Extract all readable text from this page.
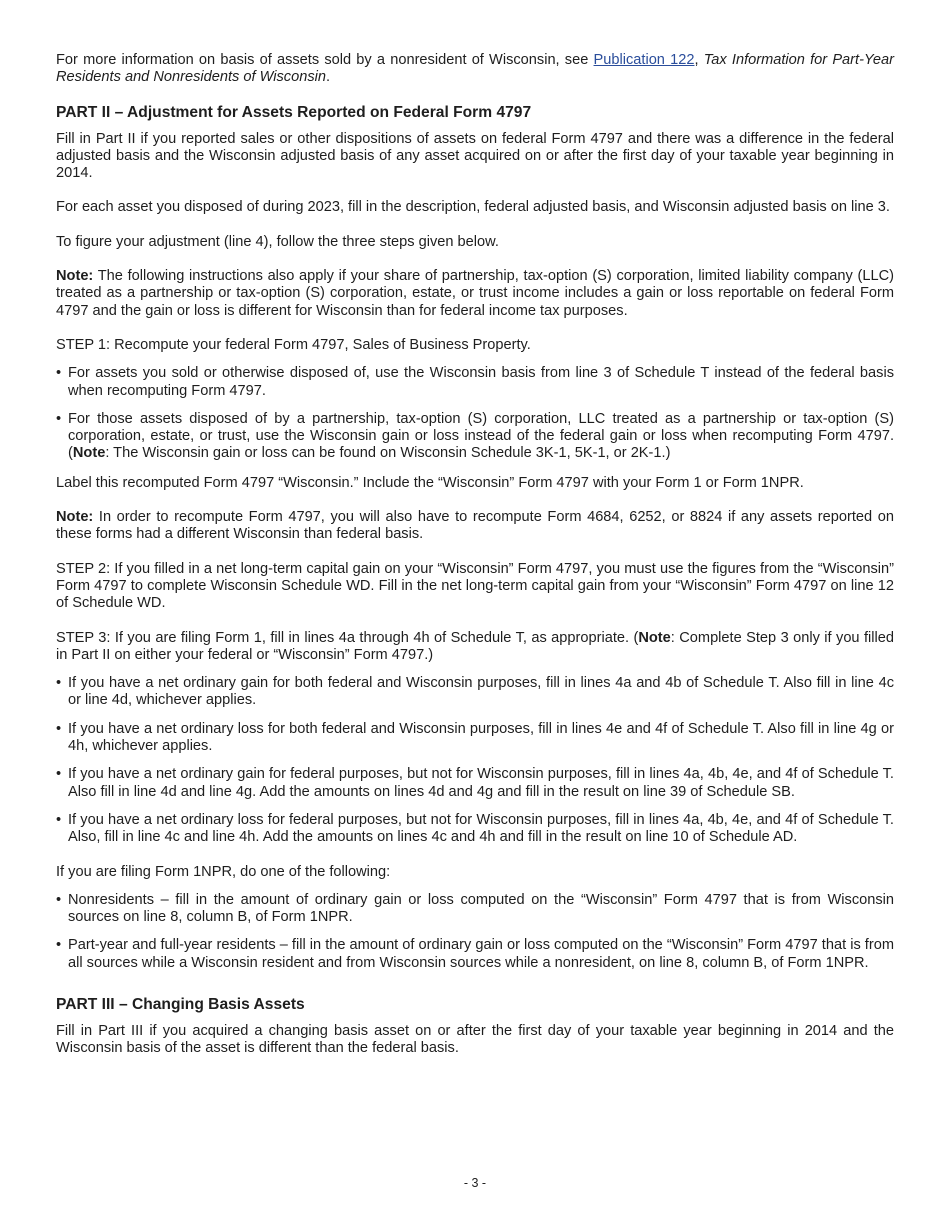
For more information on basis of assets sold by a nonresident of Wisconsin, see Publication 122, Tax Information for Part-Year Residents and Nonresidents of Wisconsin.

PART II – Adjustment for Assets Reported on Federal Form 4797

Fill in Part II if you reported sales or other dispositions of assets on federal Form 4797 and there was a difference in the federal adjusted basis and the Wisconsin adjusted basis of any asset acquired on or after the first day of your taxable year beginning in 2014.

For each asset you disposed of during 2023, fill in the description, federal adjusted basis, and Wisconsin adjusted basis on line 3.

To figure your adjustment (line 4), follow the three steps given below.

Note: The following instructions also apply if your share of partnership, tax-option (S) corporation, limited liability company (LLC) treated as a partnership or tax-option (S) corporation, estate, or trust income includes a gain or loss reportable on federal Form 4797 and the gain or loss is different for Wisconsin than for federal income tax purposes.

STEP 1: Recompute your federal Form 4797, Sales of Business Property.

• For assets you sold or otherwise disposed of, use the Wisconsin basis from line 3 of Schedule T instead of the federal basis when recomputing Form 4797.
• For those assets disposed of by a partnership, tax-option (S) corporation, LLC treated as a partnership or tax-option (S) corporation, estate, or trust, use the Wisconsin gain or loss instead of the federal gain or loss when recomputing Form 4797. (Note: The Wisconsin gain or loss can be found on Wisconsin Schedule 3K-1, 5K-1, or 2K-1.)

Label this recomputed Form 4797 “Wisconsin.” Include the “Wisconsin” Form 4797 with your Form 1 or Form 1NPR.

Note: In order to recompute Form 4797, you will also have to recompute Form 4684, 6252, or 8824 if any assets reported on these forms had a different Wisconsin than federal basis.

STEP 2: If you filled in a net long-term capital gain on your “Wisconsin” Form 4797, you must use the figures from the “Wisconsin” Form 4797 to complete Wisconsin Schedule WD. Fill in the net long-term capital gain from your “Wisconsin” Form 4797 on line 12 of Schedule WD.

STEP 3: If you are filing Form 1, fill in lines 4a through 4h of Schedule T, as appropriate. (Note: Complete Step 3 only if you filled in Part II on either your federal or “Wisconsin” Form 4797.)

• If you have a net ordinary gain for both federal and Wisconsin purposes, fill in lines 4a and 4b of Schedule T. Also fill in line 4c or line 4d, whichever applies.
• If you have a net ordinary loss for both federal and Wisconsin purposes, fill in lines 4e and 4f of Schedule T. Also fill in line 4g or 4h, whichever applies.
• If you have a net ordinary gain for federal purposes, but not for Wisconsin purposes, fill in lines 4a, 4b, 4e, and 4f of Schedule T. Also fill in line 4d and line 4g. Add the amounts on lines 4d and 4g and fill in the result on line 39 of Schedule SB.
• If you have a net ordinary loss for federal purposes, but not for Wisconsin purposes, fill in lines 4a, 4b, 4e, and 4f of Schedule T. Also, fill in line 4c and line 4h. Add the amounts on lines 4c and 4h and fill in the result on line 10 of Schedule AD.

If you are filing Form 1NPR, do one of the following:

• Nonresidents – fill in the amount of ordinary gain or loss computed on the “Wisconsin” Form 4797 that is from Wisconsin sources on line 8, column B, of Form 1NPR.
• Part-year and full-year residents – fill in the amount of ordinary gain or loss computed on the “Wisconsin” Form 4797 that is from all sources while a Wisconsin resident and from Wisconsin sources while a nonresident, on line 8, column B, of Form 1NPR.
PART III – Changing Basis Assets

Fill in Part III if you acquired a changing basis asset on or after the first day of your taxable year beginning in 2014 and the Wisconsin basis of the asset is different than the federal basis.

- 3 -
